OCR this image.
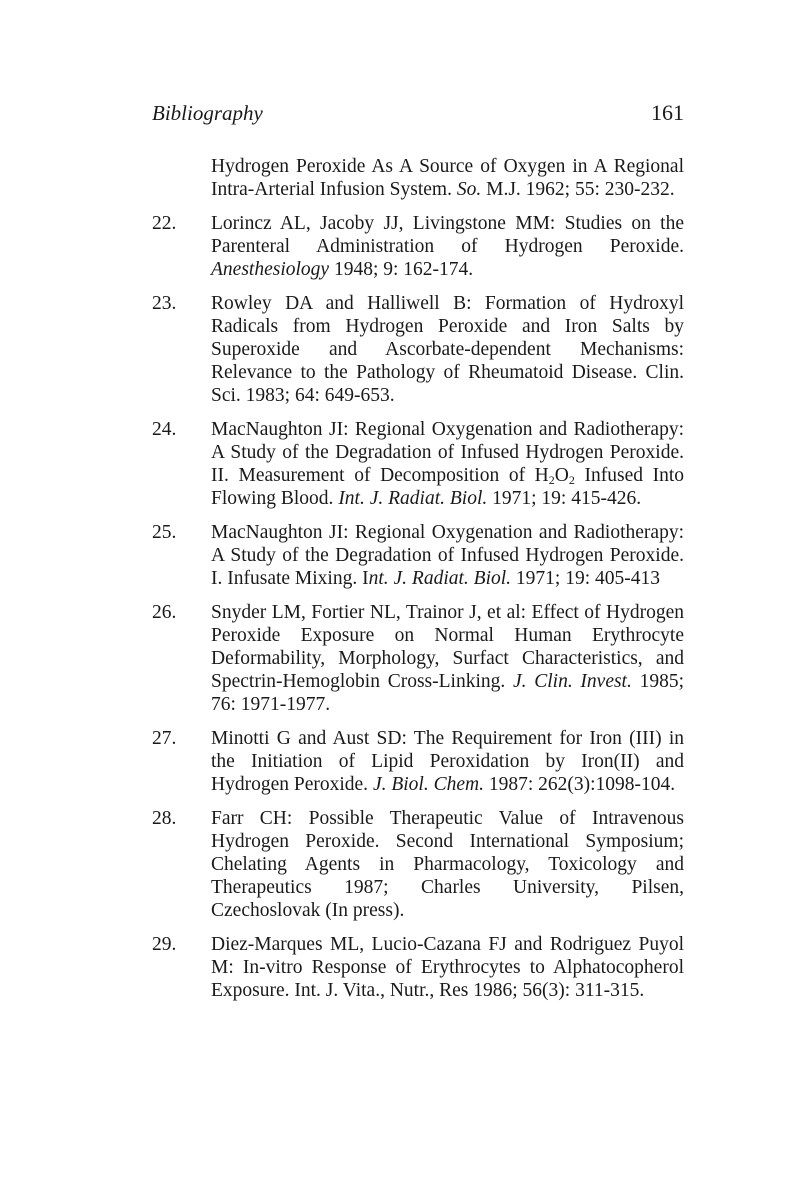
Bibliography	161
Hydrogen Peroxide As A Source of Oxygen in A Regional Intra-Arterial Infusion System. So. M.J. 1962; 55: 230-232.
22.	Lorincz AL, Jacoby JJ, Livingstone MM: Studies on the Parenteral Administration of Hydrogen Peroxide. Anesthesiology 1948; 9: 162-174.
23.	Rowley DA and Halliwell B: Formation of Hydroxyl Radicals from Hydrogen Peroxide and Iron Salts by Superoxide and Ascorbate-dependent Mechanisms: Relevance to the Pathology of Rheumatoid Disease. Clin. Sci. 1983; 64: 649-653.
24.	MacNaughton JI: Regional Oxygenation and Radiotherapy: A Study of the Degradation of Infused Hydrogen Peroxide. II. Measurement of Decomposition of $H_2O_2$ Infused Into Flowing Blood. Int. J. Radiat. Biol. 1971; 19: 415-426.
25.	MacNaughton JI: Regional Oxygenation and Radiotherapy: A Study of the Degradation of Infused Hydrogen Peroxide. I. Infusate Mixing. Int. J. Radiat. Biol. 1971; 19: 405-413
26.	Snyder LM, Fortier NL, Trainor J, et al: Effect of Hydrogen Peroxide Exposure on Normal Human Erythrocyte Deformability, Morphology, Surfact Characteristics, and Spectrin-Hemoglobin Cross-Linking. J. Clin. Invest. 1985; 76: 1971-1977.
27.	Minotti G and Aust SD: The Requirement for Iron (III) in the Initiation of Lipid Peroxidation by Iron(II) and Hydrogen Peroxide. J. Biol. Chem. 1987: 262(3):1098-104.
28.	Farr CH: Possible Therapeutic Value of Intravenous Hydrogen Peroxide. Second International Symposium; Chelating Agents in Pharmacology, Toxicology and Therapeutics 1987; Charles University, Pilsen, Czechoslovak (In press).
29.	Diez-Marques ML, Lucio-Cazana FJ and Rodriguez Puyol M: In-vitro Response of Erythrocytes to Alphatocopherol Exposure. Int. J. Vita., Nutr., Res 1986; 56(3): 311-315.
